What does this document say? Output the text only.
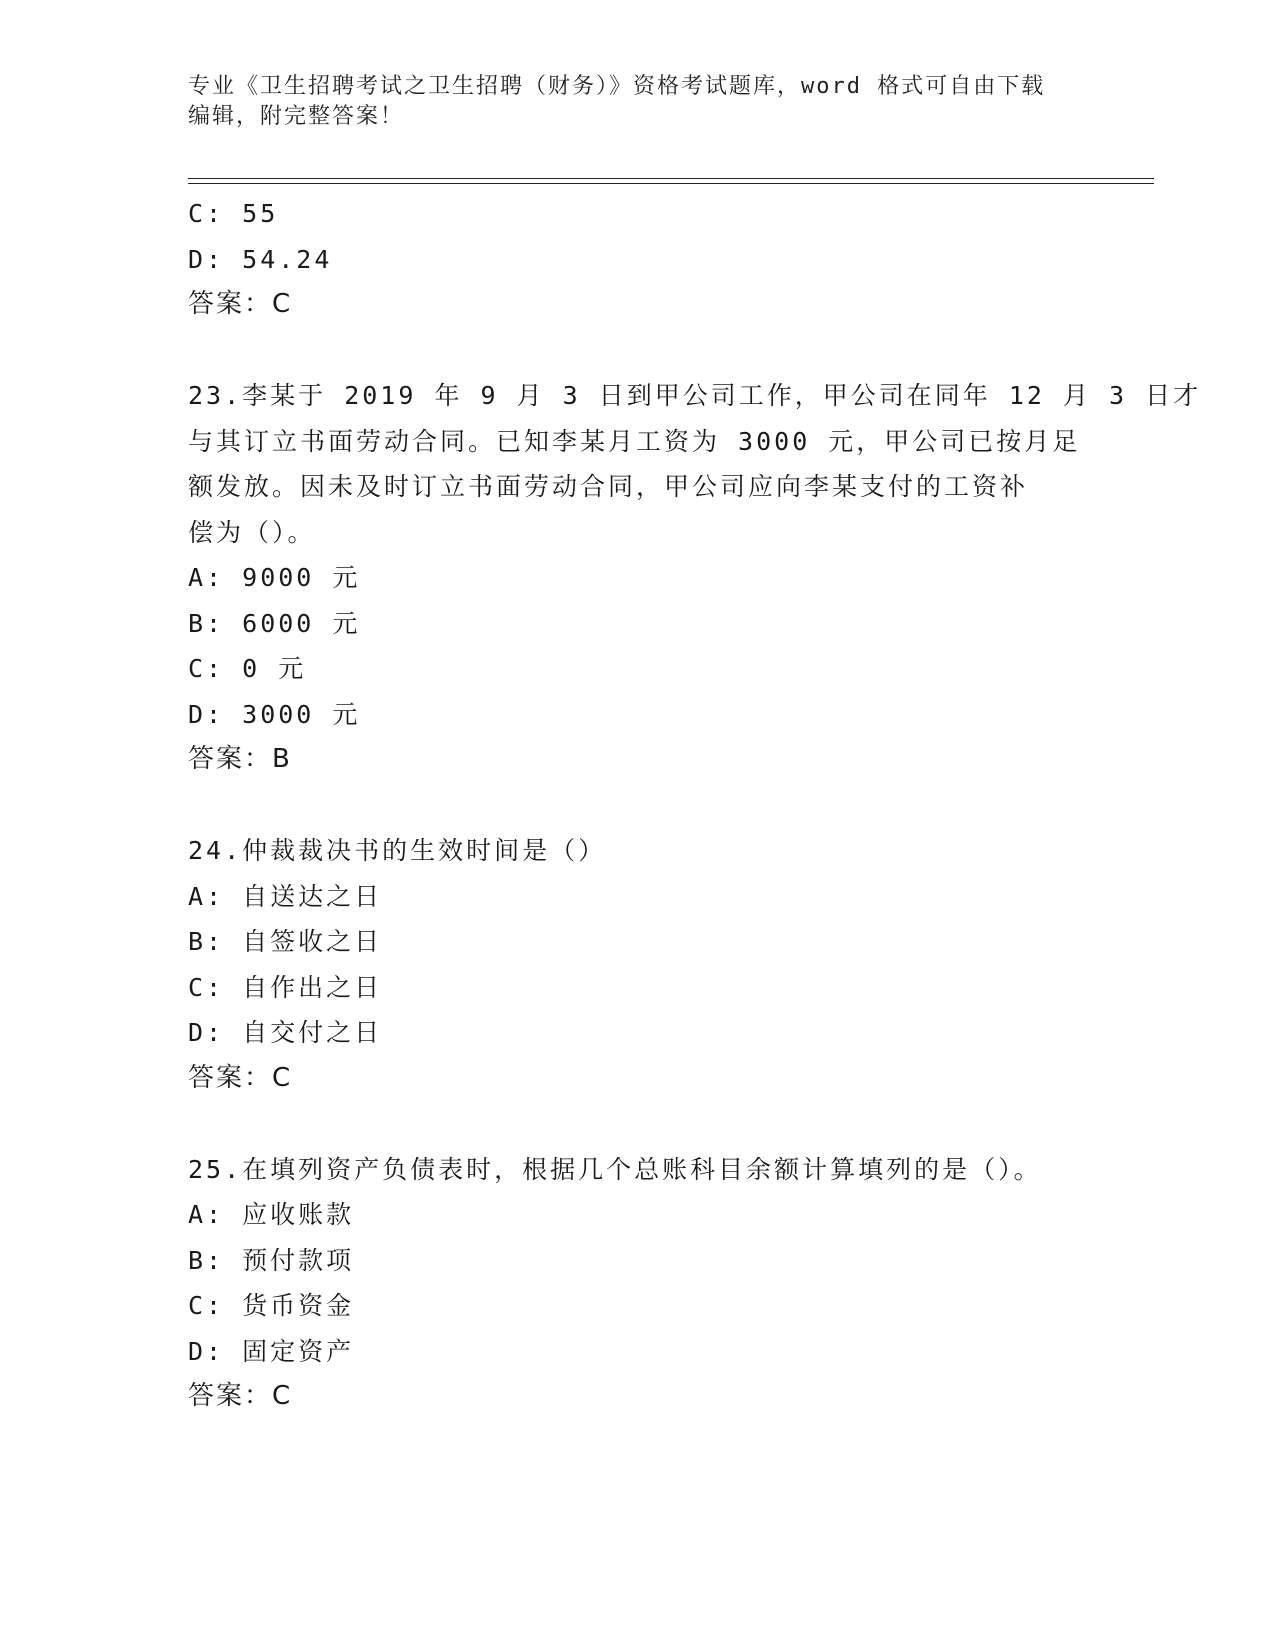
专业《卫生招聘考试之卫生招聘（财务）》资格考试题库，word 格式可自由下载
编辑，附完整答案！
C: 55
D: 54.24
答案：C
23.李某于 2019 年 9 月 3 日到甲公司工作，甲公司在同年 12 月 3 日才
与其订立书面劳动合同。已知李某月工资为 3000 元，甲公司已按月足
额发放。因未及时订立书面劳动合同，甲公司应向李某支付的工资补
偿为（）。
A: 9000 元
B: 6000 元
C: 0 元
D: 3000 元
答案：B
24.仲裁裁决书的生效时间是（）
A: 自送达之日
B: 自签收之日
C: 自作出之日
D: 自交付之日
答案：C
25.在填列资产负债表时，根据几个总账科目余额计算填列的是（）。
A: 应收账款
B: 预付款项
C: 货币资金
D: 固定资产
答案：C
